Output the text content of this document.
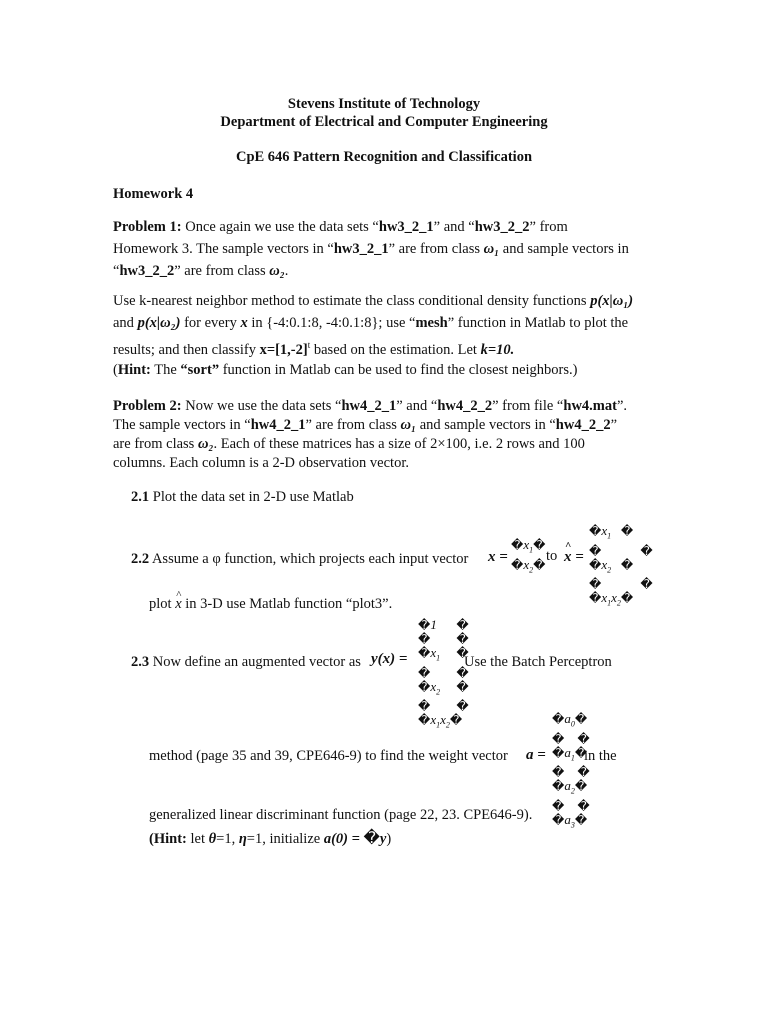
Stevens Institute of Technology
Department of Electrical and Computer Engineering
CpE 646 Pattern Recognition and Classification
Homework 4
Problem 1: Once again we use the data sets “hw3_2_1” and “hw3_2_2” from
Homework 3. The sample vectors in “hw3_2_1” are from class ω₁ and sample vectors in
“hw3_2_2” are from class ω₂.
Use k-nearest neighbor method to estimate the class conditional density functions p(x|ω₁)
and p(x|ω₂) for every x in {-4:0.1:8, -4:0.1:8}; use “mesh” function in Matlab to plot the
results; and then classify $x=[1,-2]^t$ based on the estimation. Let k=10.
(Hint: The “sort” function in Matlab can be used to find the closest neighbors.)
Problem 2: Now we use the data sets “hw4_2_1” and “hw4_2_2” from file “hw4.mat”.
The sample vectors in “hw4_2_1” are from class ω₁ and sample vectors in “hw4_2_2”
are from class ω₂. Each of these matrices has a size of 2×100, i.e. 2 rows and 100
columns. Each column is a 2-D observation vector.
2.1 Plot the data set in 2-D use Matlab
2.2 Assume a φ function, which projects each input vector	x =
$�x_1�$
$�x_2�$
to
^ x =
$�x_1$ �
�	�
$�x_2$ �
�	�
$�x_1x_2�$
plot ^ x in 3-D use Matlab function “plot3”.
2.3 Now define an augmented vector as y(x) =
�1      �
� �
$�x_1$ �
� �
$�x_2$ �
� �
$�x_1x_2�$
Use the Batch Perceptron
method (page 35 and 39, CPE646-9) to find the weight vector	a =
$�a_0�$
� �
$�a_1�$
� �
$�a_2�$
� �
$�a_3�$
in the
generalized linear discriminant function (page 22, 23. CPE646-9).
(Hint: let θ=1, η=1, initialize a(0) = �y)
